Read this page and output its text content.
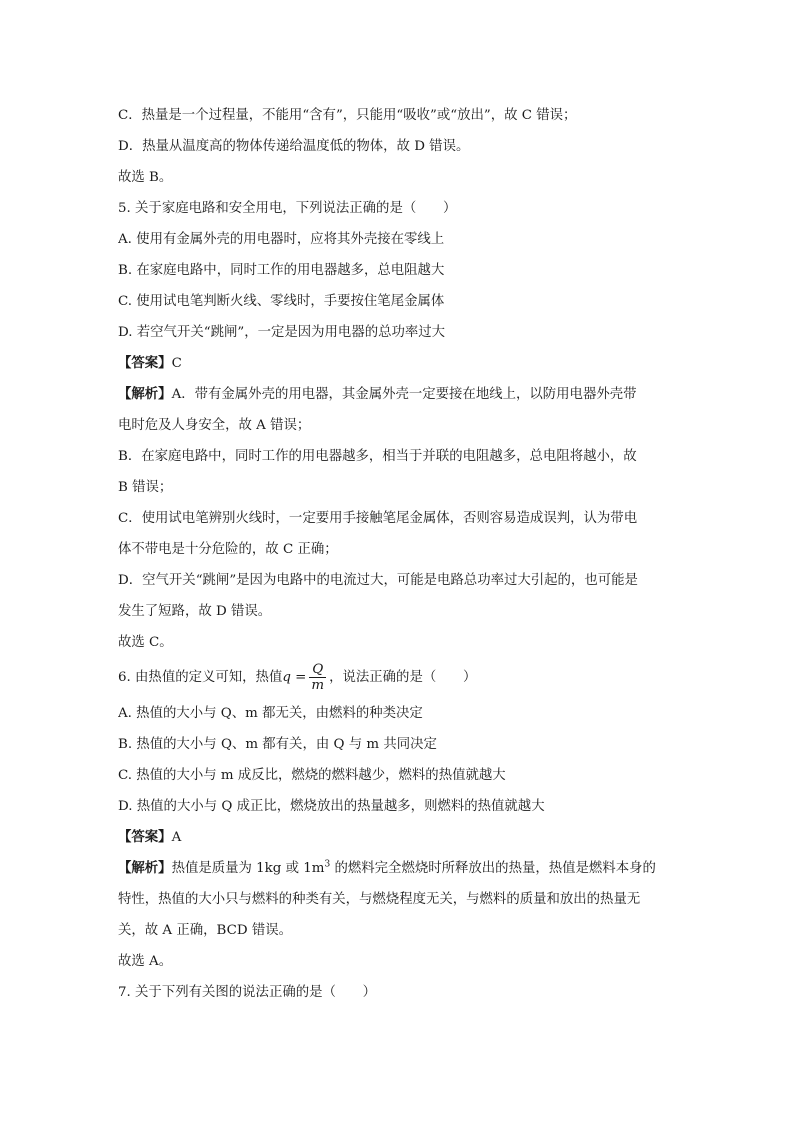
C．热量是一个过程量，不能用“含有”，只能用“吸收”或“放出”，故 C 错误；
D．热量从温度高的物体传递给温度低的物体，故 D 错误。
故选 B。
5. 关于家庭电路和安全用电，下列说法正确的是（　　）
A. 使用有金属外壳的用电器时，应将其外壳接在零线上
B. 在家庭电路中，同时工作的用电器越多，总电阻越大
C. 使用试电笔判断火线、零线时，手要按住笔尾金属体
D. 若空气开关“跳闸”，一定是因为用电器的总功率过大
【答案】C
【解析】A．带有金属外壳的用电器，其金属外壳一定要接在地线上，以防用电器外壳带
电时危及人身安全，故 A 错误；
B．在家庭电路中，同时工作的用电器越多，相当于并联的电阻越多，总电阻将越小，故
B 错误；
C．使用试电笔辨别火线时，一定要用手接触笔尾金属体，否则容易造成误判，认为带电
体不带电是十分危险的，故 C 正确；
D．空气开关“跳闸”是因为电路中的电流过大，可能是电路总功率过大引起的，也可能是
发生了短路，故 D 错误。
故选 C。
6. 由热值的定义可知，热值$q = \frac{Q}{m}$ ，说法正确的是（　　）
A. 热值的大小与 Q、m 都无关，由燃料的种类决定
B. 热值的大小与 Q、m 都有关，由 Q 与 m 共同决定
C. 热值的大小与 m 成反比，燃烧的燃料越少，燃料的热值就越大
D. 热值的大小与 Q 成正比，燃烧放出的热量越多，则燃料的热值就越大
【答案】A
【解析】热值是质量为 1kg 或 $1m^3$ 的燃料完全燃烧时所释放出的热量，热值是燃料本身的
特性，热值的大小只与燃料的种类有关，与燃烧程度无关，与燃料的质量和放出的热量无
关，故 A 正确，BCD 错误。
故选 A。
7. 关于下列有关图的说法正确的是（　　）
